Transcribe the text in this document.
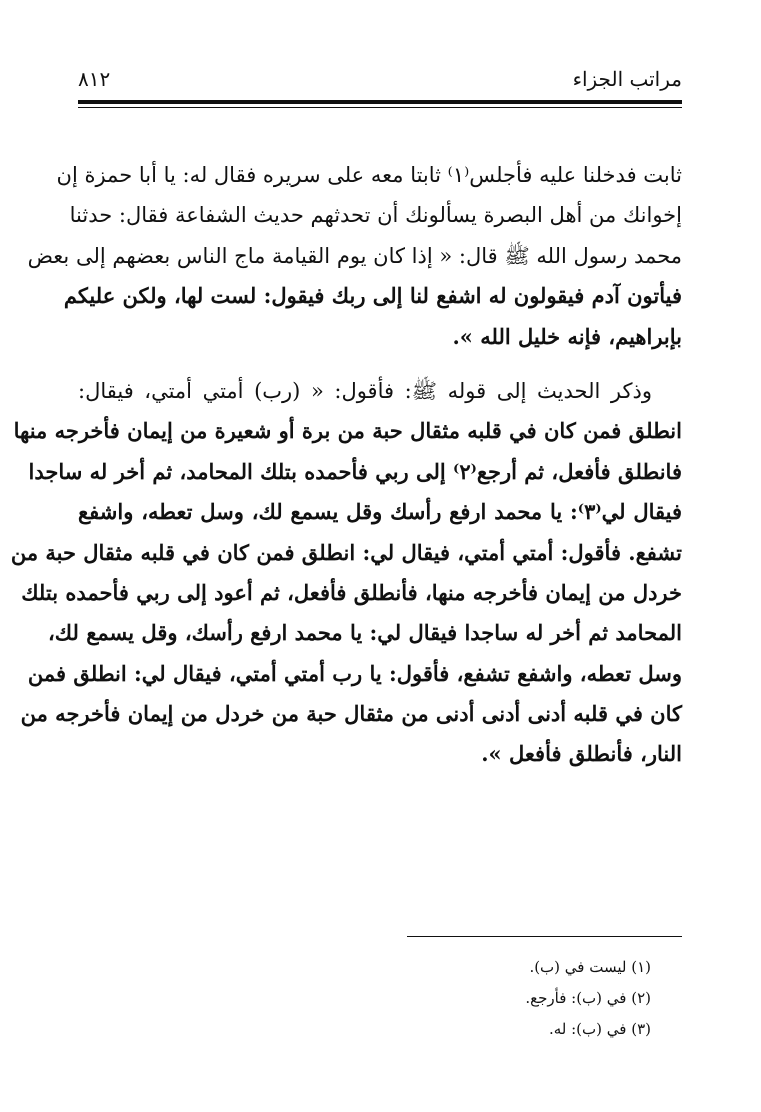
مراتب الجزاء
٨١٢
ثابت فدخلنا عليه فأجلس⁽١⁾ ثابتا معه على سريره فقال له: يا أبا حمزة إن
إخوانك من أهل البصرة يسألونك أن تحدثهم حديث الشفاعة فقال: حدثنا
محمد رسول الله ﷺ قال: « إذا كان يوم القيامة ماج الناس بعضهم إلى بعض
فيأتون آدم فيقولون له اشفع لنا إلى ربك فيقول: لست لها، ولكن عليكم
بإبراهيم، فإنه خليل الله ».
وذكر الحديث إلى قوله ﷺ: فأقول: « (رب) أمتي أمتي، فيقال:
انطلق فمن كان في قلبه مثقال حبة من برة أو شعيرة من إيمان فأخرجه منها
فانطلق فأفعل، ثم أرجع⁽٢⁾ إلى ربي فأحمده بتلك المحامد، ثم أخر له ساجدا
فيقال لي⁽٣⁾: يا محمد ارفع رأسك وقل يسمع لك، وسل تعطه، واشفع
تشفع. فأقول: أمتي أمتي، فيقال لي: انطلق فمن كان في قلبه مثقال حبة من
خردل من إيمان فأخرجه منها، فأنطلق فأفعل، ثم أعود إلى ربي فأحمده بتلك
المحامد ثم أخر له ساجدا فيقال لي: يا محمد ارفع رأسك، وقل يسمع لك،
وسل تعطه، واشفع تشفع، فأقول: يا رب أمتي أمتي، فيقال لي: انطلق فمن
كان في قلبه أدنى أدنى أدنى من مثقال حبة من خردل من إيمان فأخرجه من
النار، فأنطلق فأفعل ».
(١) ليست في (ب).
(٢) في (ب): فأرجع.
(٣) في (ب): له.
